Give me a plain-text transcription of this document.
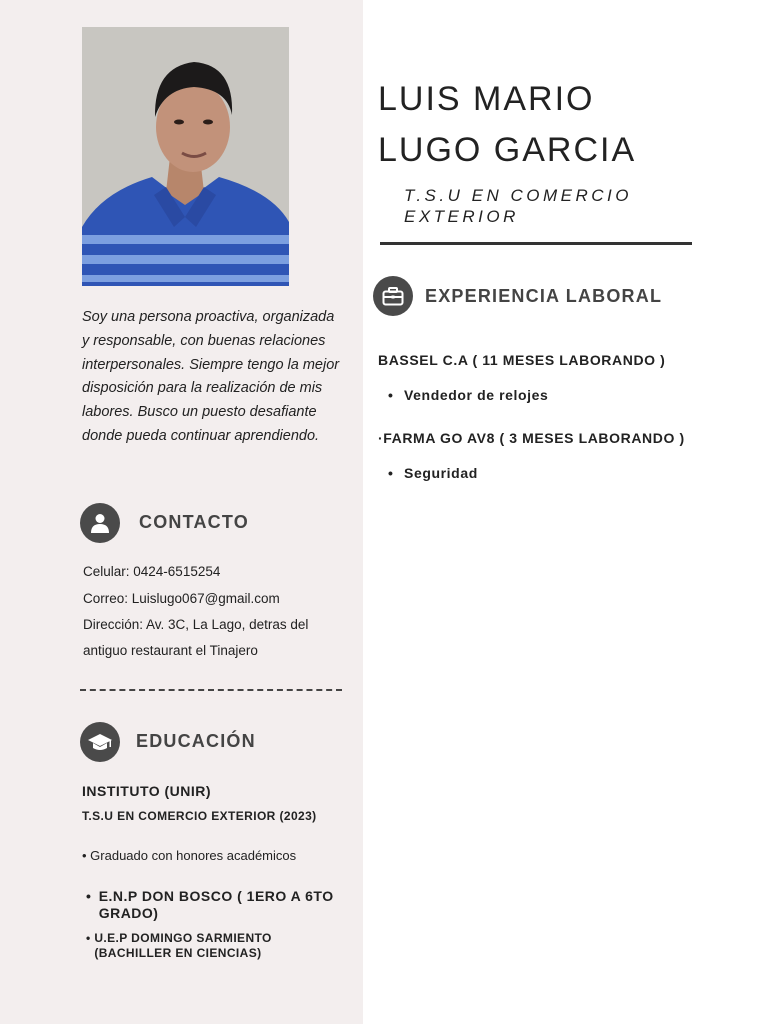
Soy una persona proactiva, organizada y responsable, con buenas relaciones interpersonales. Siempre tengo la mejor disposición para la realización de mis labores. Busco un puesto desafiante donde pueda continuar aprendiendo.

CONTACTO
Celular: 0424-6515254
Correo: Luislugo067@gmail.com
Dirección: Av. 3C, La Lago, detras del antiguo restaurant el Tinajero
EDUCACIÓN
INSTITUTO (UNIR)
T.S.U EN COMERCIO EXTERIOR (2023)
• Graduado con honores académicos
• E.N.P DON BOSCO ( 1ERO A 6TO GRADO)
• U.E.P DOMINGO SARMIENTO (BACHILLER EN CIENCIAS)
LUIS MARIO
LUGO GARCIA
T.S.U EN COMERCIO EXTERIOR
EXPERIENCIA LABORAL
BASSEL C.A ( 11 MESES LABORANDO )
• Vendedor de relojes
·FARMA GO AV8 ( 3 MESES LABORANDO )
• Seguridad
